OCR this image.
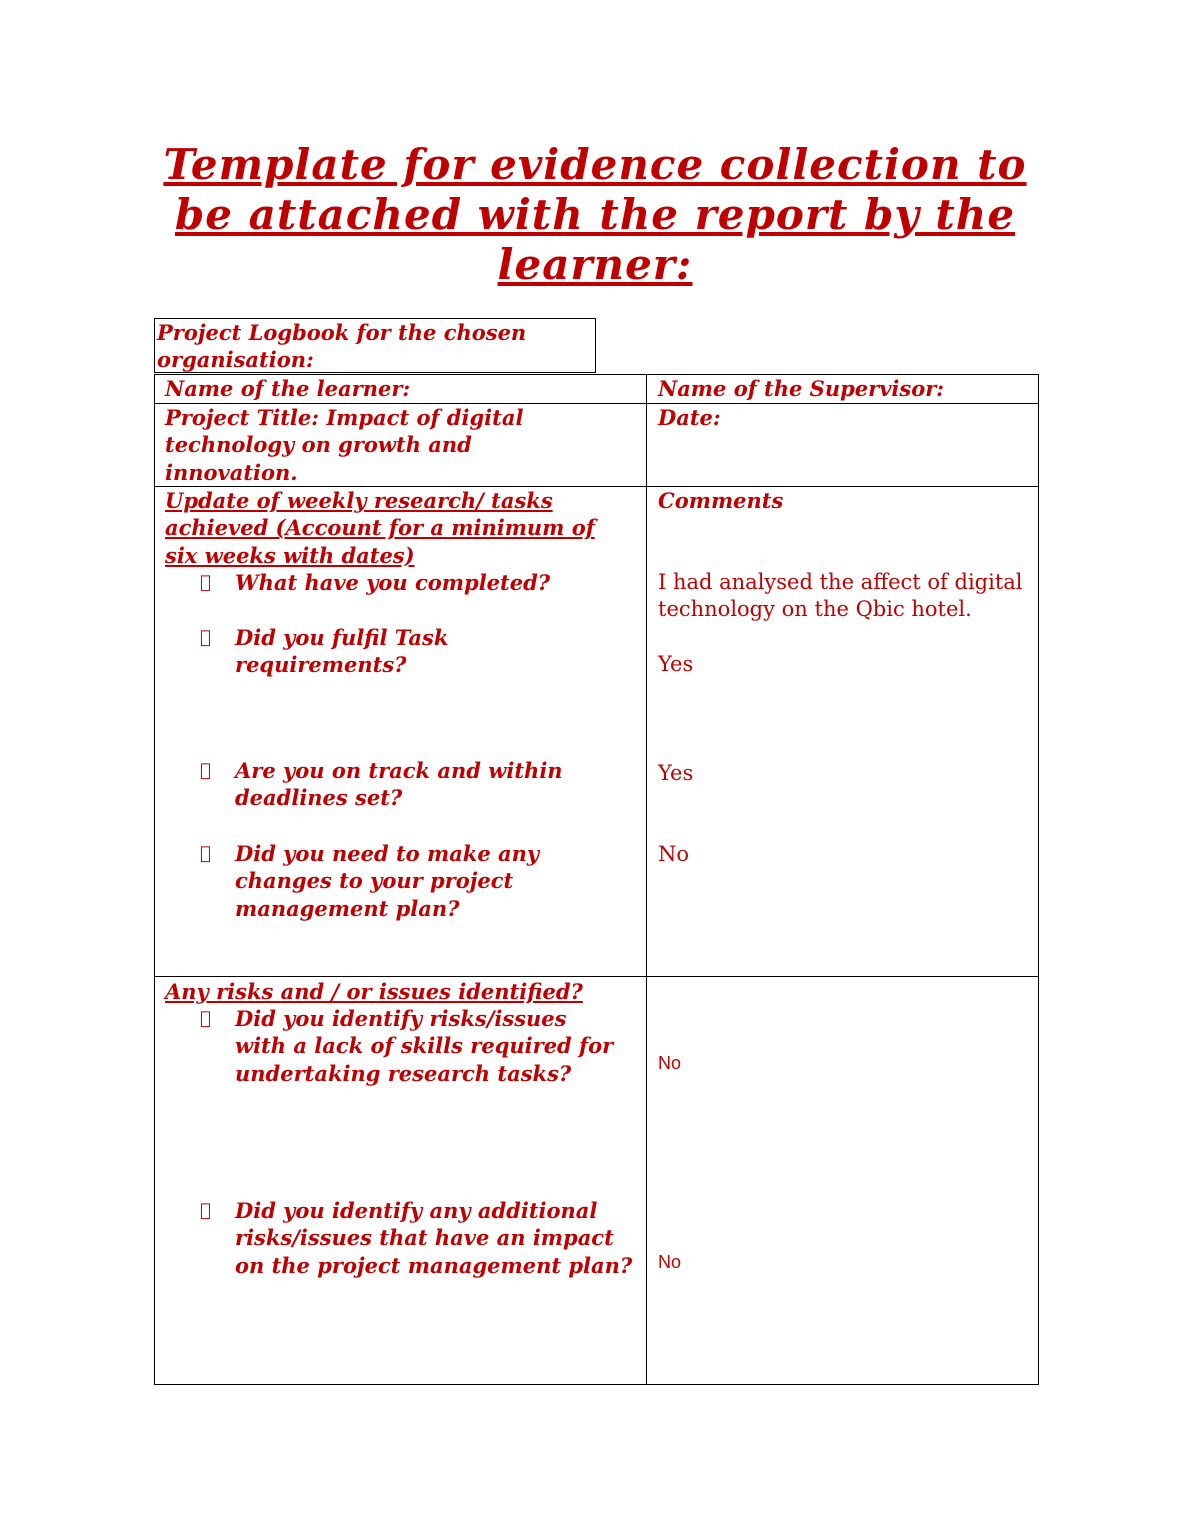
Template for evidence collection to be attached with the report by the learner:
Project Logbook for the chosen organisation:
Name of the learner:	Name of the Supervisor:
Project Title: Impact of digital technology on growth and innovation.
Date:
Update of weekly research/ tasks achieved (Account for a minimum of six weeks with dates)
Comments
What have you completed?
Did you fulfil Task requirements?
Are you on track and within deadlines set?
Did you need to make any changes to your project management plan?
I had analysed the affect of digital technology on the Qbic hotel.
Yes
Yes
No
Any risks and / or issues identified?
Did you identify risks/issues with a lack of skills required for undertaking research tasks?
Did you identify any additional risks/issues that have an impact on the project management plan?
No
No
